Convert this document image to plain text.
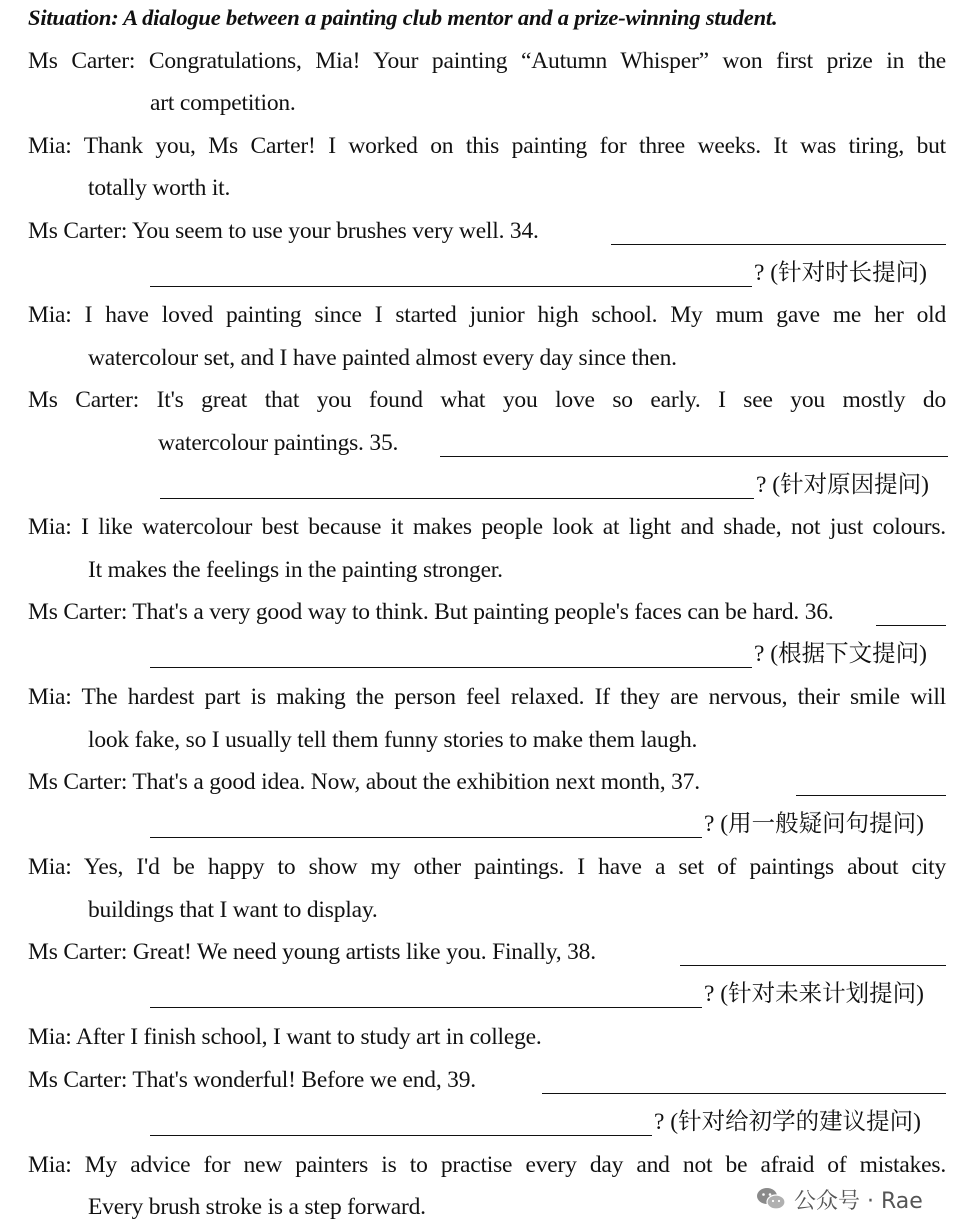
Situation: A dialogue between a painting club mentor and a prize-winning student.
Ms Carter: Congratulations, Mia! Your painting “Autumn Whisper” won first prize in the
art competition.
Mia: Thank you, Ms Carter! I worked on this painting for three weeks. It was tiring, but
totally worth it.
Ms Carter: You seem to use your brushes very well. 34.
? (针对时长提问)
Mia: I have loved painting since I started junior high school. My mum gave me her old
watercolour set, and I have painted almost every day since then.
Ms Carter: It's great that you found what you love so early. I see you mostly do
watercolour paintings. 35.
? (针对原因提问)
Mia: I like watercolour best because it makes people look at light and shade, not just colours.
It makes the feelings in the painting stronger.
Ms Carter: That's a very good way to think. But painting people's faces can be hard. 36.
? (根据下文提问)
Mia: The hardest part is making the person feel relaxed. If they are nervous, their smile will
look fake, so I usually tell them funny stories to make them laugh.
Ms Carter: That's a good idea. Now, about the exhibition next month, 37.
? (用一般疑问句提问)
Mia: Yes, I'd be happy to show my other paintings. I have a set of paintings about city
buildings that I want to display.
Ms Carter: Great! We need young artists like you. Finally, 38.
? (针对未来计划提问)
Mia: After I finish school, I want to study art in college.
Ms Carter: That's wonderful! Before we end, 39.
? (针对给初学的建议提问)
Mia: My advice for new painters is to practise every day and not be afraid of mistakes.
Every brush stroke is a step forward.	公众号 · Rae
